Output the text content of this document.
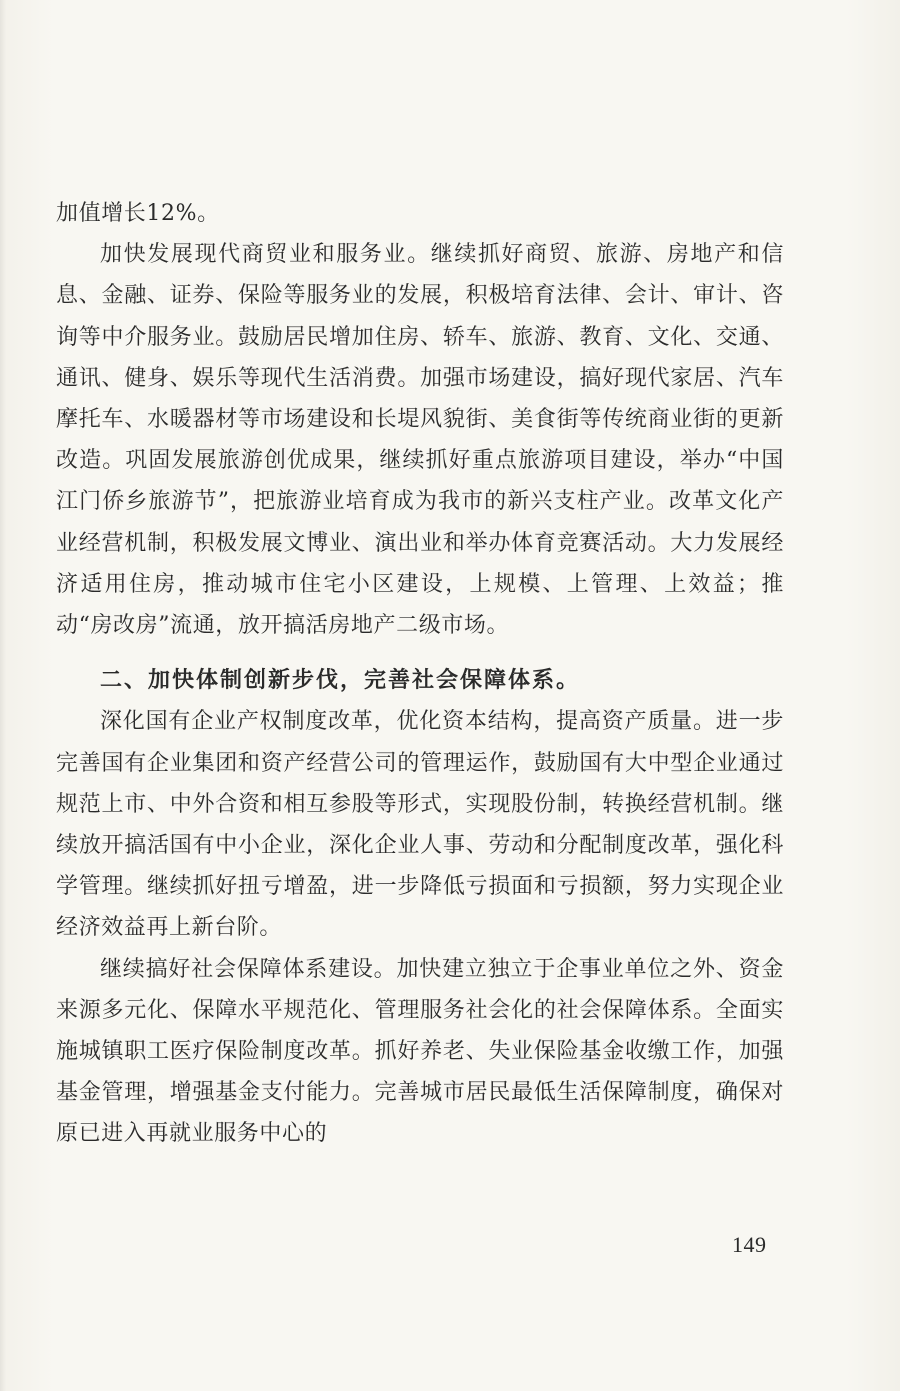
加值增长12%。

加快发展现代商贸业和服务业。继续抓好商贸、旅游、房地产和信息、金融、证券、保险等服务业的发展，积极培育法律、会计、审计、咨询等中介服务业。鼓励居民增加住房、轿车、旅游、教育、文化、交通、通讯、健身、娱乐等现代生活消费。加强市场建设，搞好现代家居、汽车摩托车、水暖器材等市场建设和长堤风貌街、美食街等传统商业街的更新改造。巩固发展旅游创优成果，继续抓好重点旅游项目建设，举办“中国江门侨乡旅游节”，把旅游业培育成为我市的新兴支柱产业。改革文化产业经营机制，积极发展文博业、演出业和举办体育竞赛活动。大力发展经济适用住房，推动城市住宅小区建设，上规模、上管理、上效益；推动“房改房”流通，放开搞活房地产二级市场。

二、加快体制创新步伐，完善社会保障体系。

深化国有企业产权制度改革，优化资本结构，提高资产质量。进一步完善国有企业集团和资产经营公司的管理运作，鼓励国有大中型企业通过规范上市、中外合资和相互参股等形式，实现股份制，转换经营机制。继续放开搞活国有中小企业，深化企业人事、劳动和分配制度改革，强化科学管理。继续抓好扭亏增盈，进一步降低亏损面和亏损额，努力实现企业经济效益再上新台阶。

继续搞好社会保障体系建设。加快建立独立于企事业单位之外、资金来源多元化、保障水平规范化、管理服务社会化的社会保障体系。全面实施城镇职工医疗保险制度改革。抓好养老、失业保险基金收缴工作，加强基金管理，增强基金支付能力。完善城市居民最低生活保障制度，确保对原已进入再就业服务中心的

149
